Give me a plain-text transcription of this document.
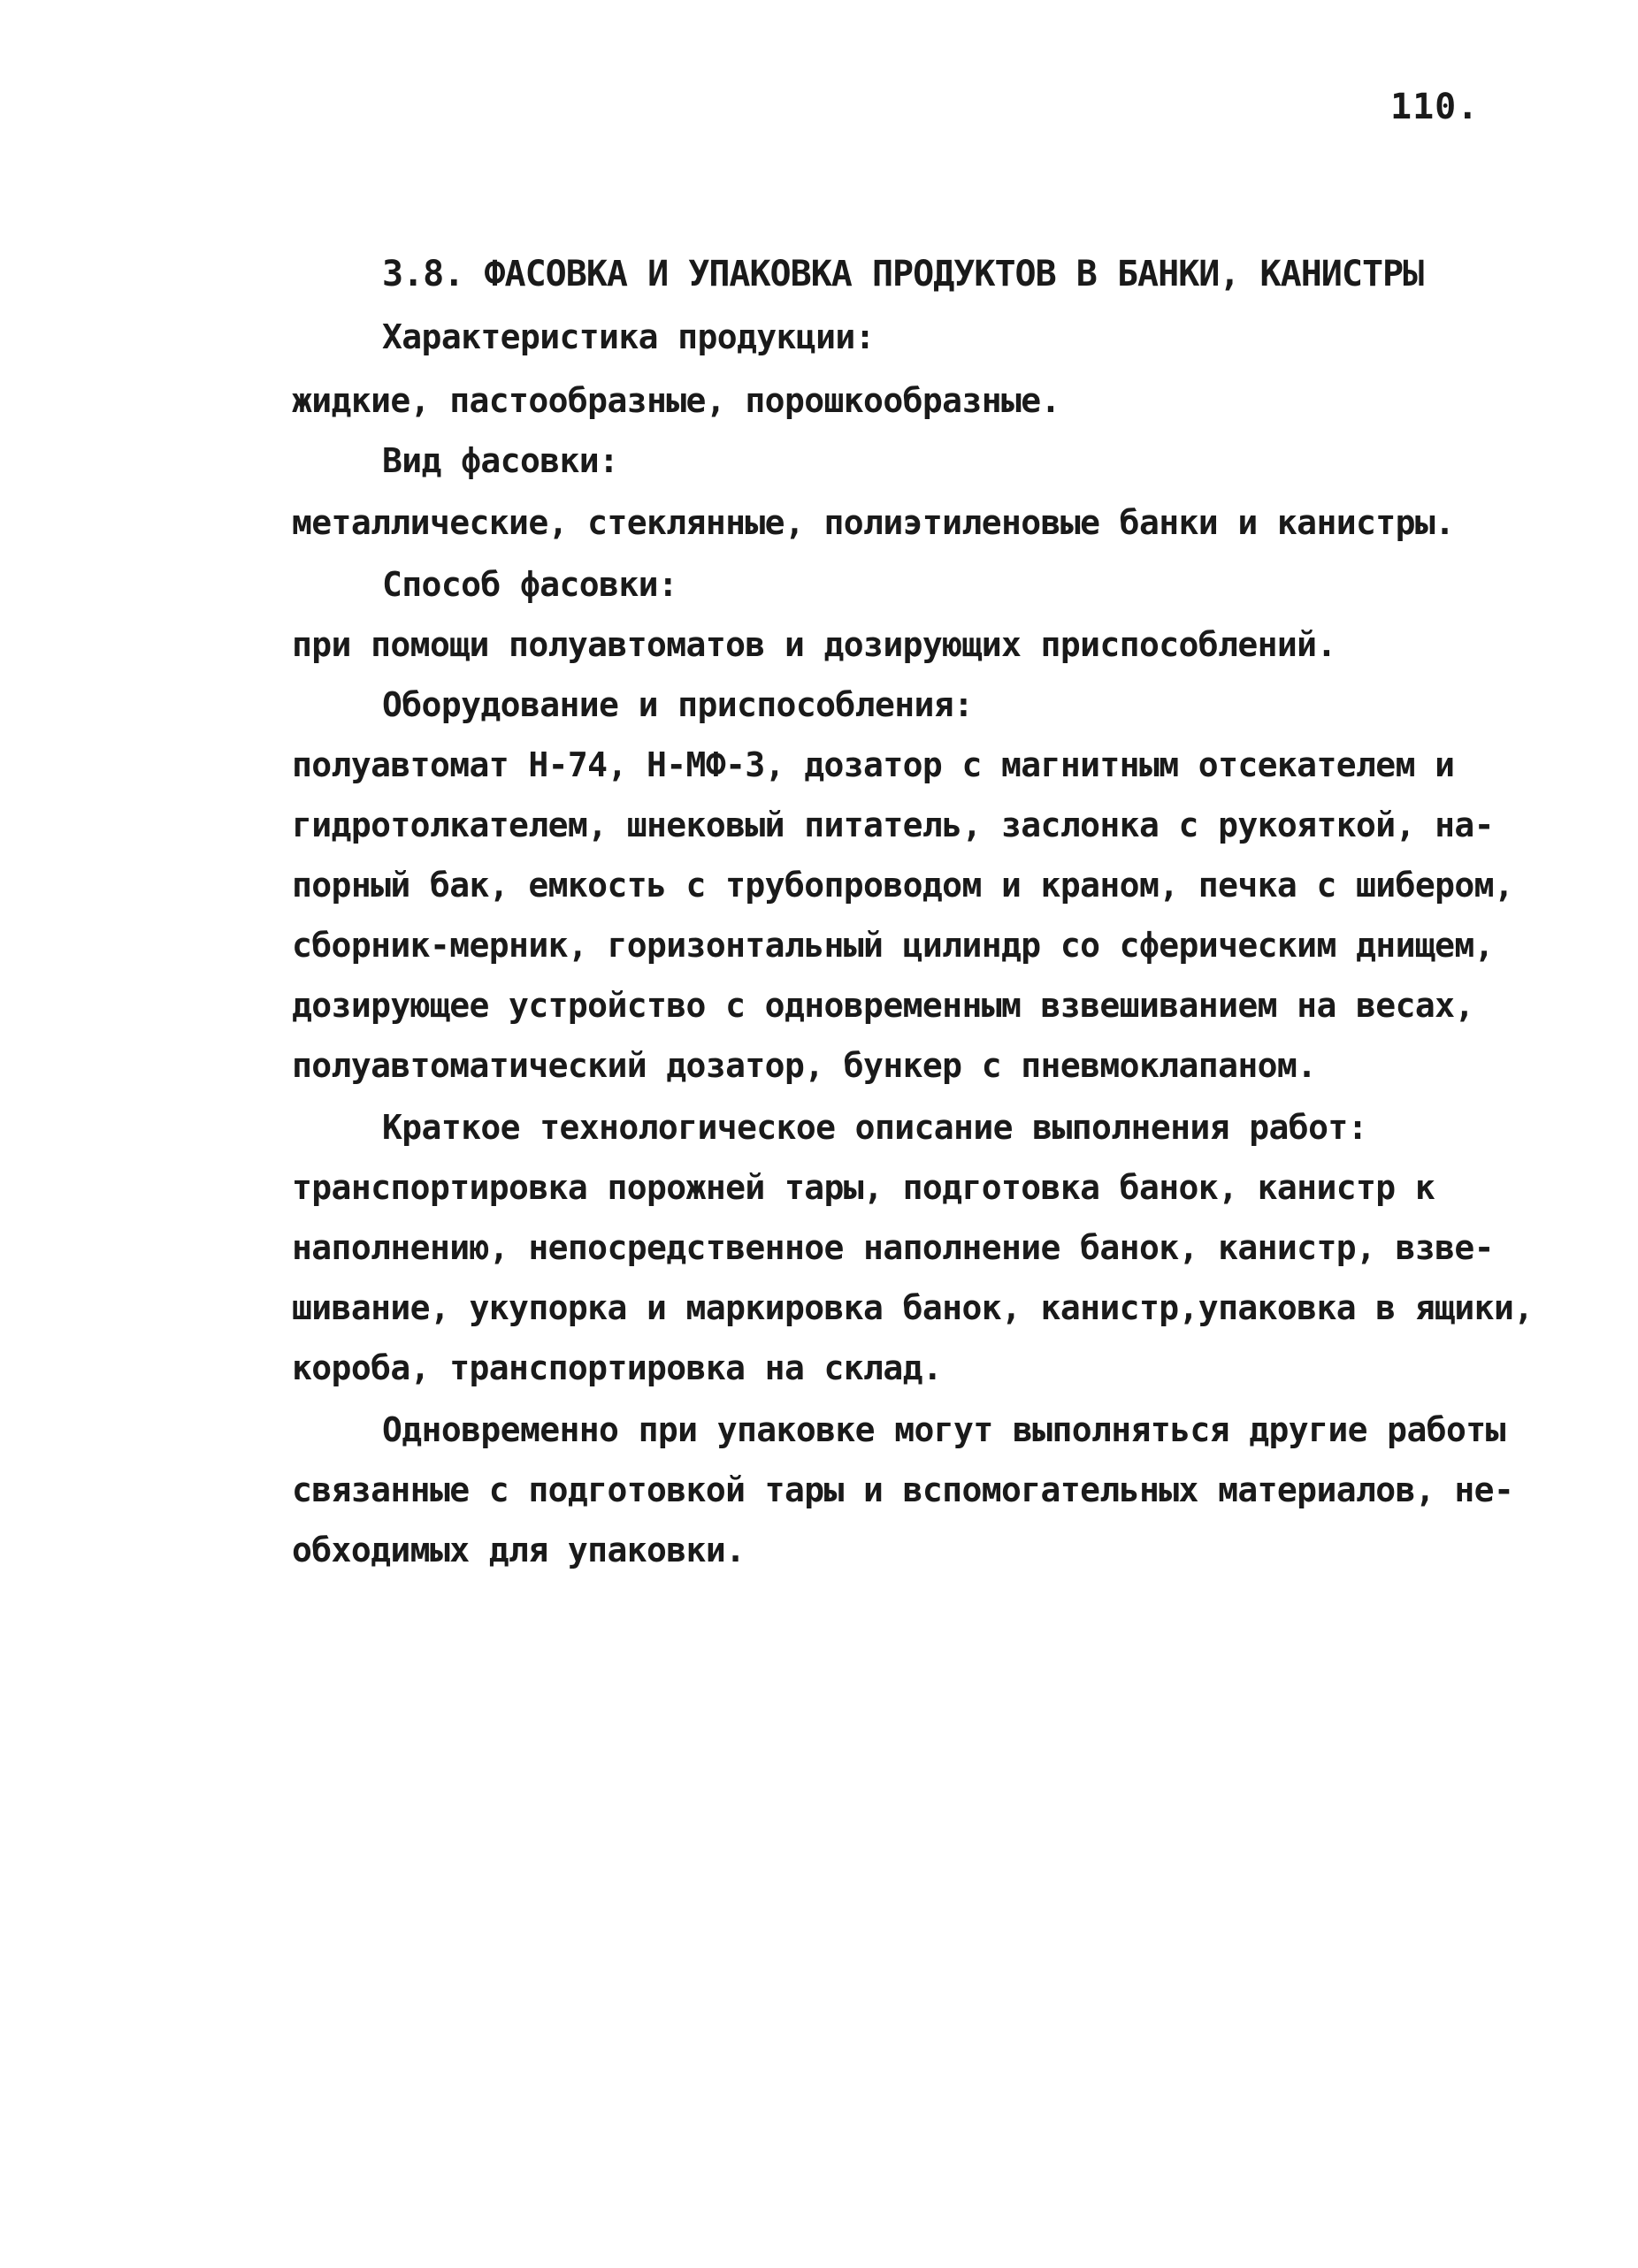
110.
3.8. ФАСОВКА И УПАКОВКА ПРОДУКТОВ В БАНКИ, КАНИСТРЫ
Характеристика продукции:
жидкие, пастообразные, порошкообразные.
Вид фасовки:
металлические, стеклянные, полиэтиленовые банки и канистры.
Способ фасовки:
при помощи полуавтоматов и дозирующих приспособлений.
Оборудование и приспособления:
полуавтомат Н-74, Н-МФ-3, дозатор с магнитным отсекателем и
гидротолкателем, шнековый питатель, заслонка с рукояткой, на-
порный бак, емкость с трубопроводом и краном, печка с шибером,
сборник-мерник, горизонтальный цилиндр со сферическим днищем,
дозирующее устройство с одновременным взвешиванием на весах,
полуавтоматический дозатор, бункер с пневмоклапаном.
Краткое технологическое описание выполнения работ:
транспортировка порожней тары, подготовка банок, канистр к
наполнению, непосредственное наполнение банок, канистр, взве-
шивание, укупорка и маркировка банок, канистр,упаковка в ящики,
короба, транспортировка на склад.
Одновременно при упаковке могут выполняться другие работы
связанные с подготовкой тары и вспомогательных материалов, не-
обходимых для упаковки.
